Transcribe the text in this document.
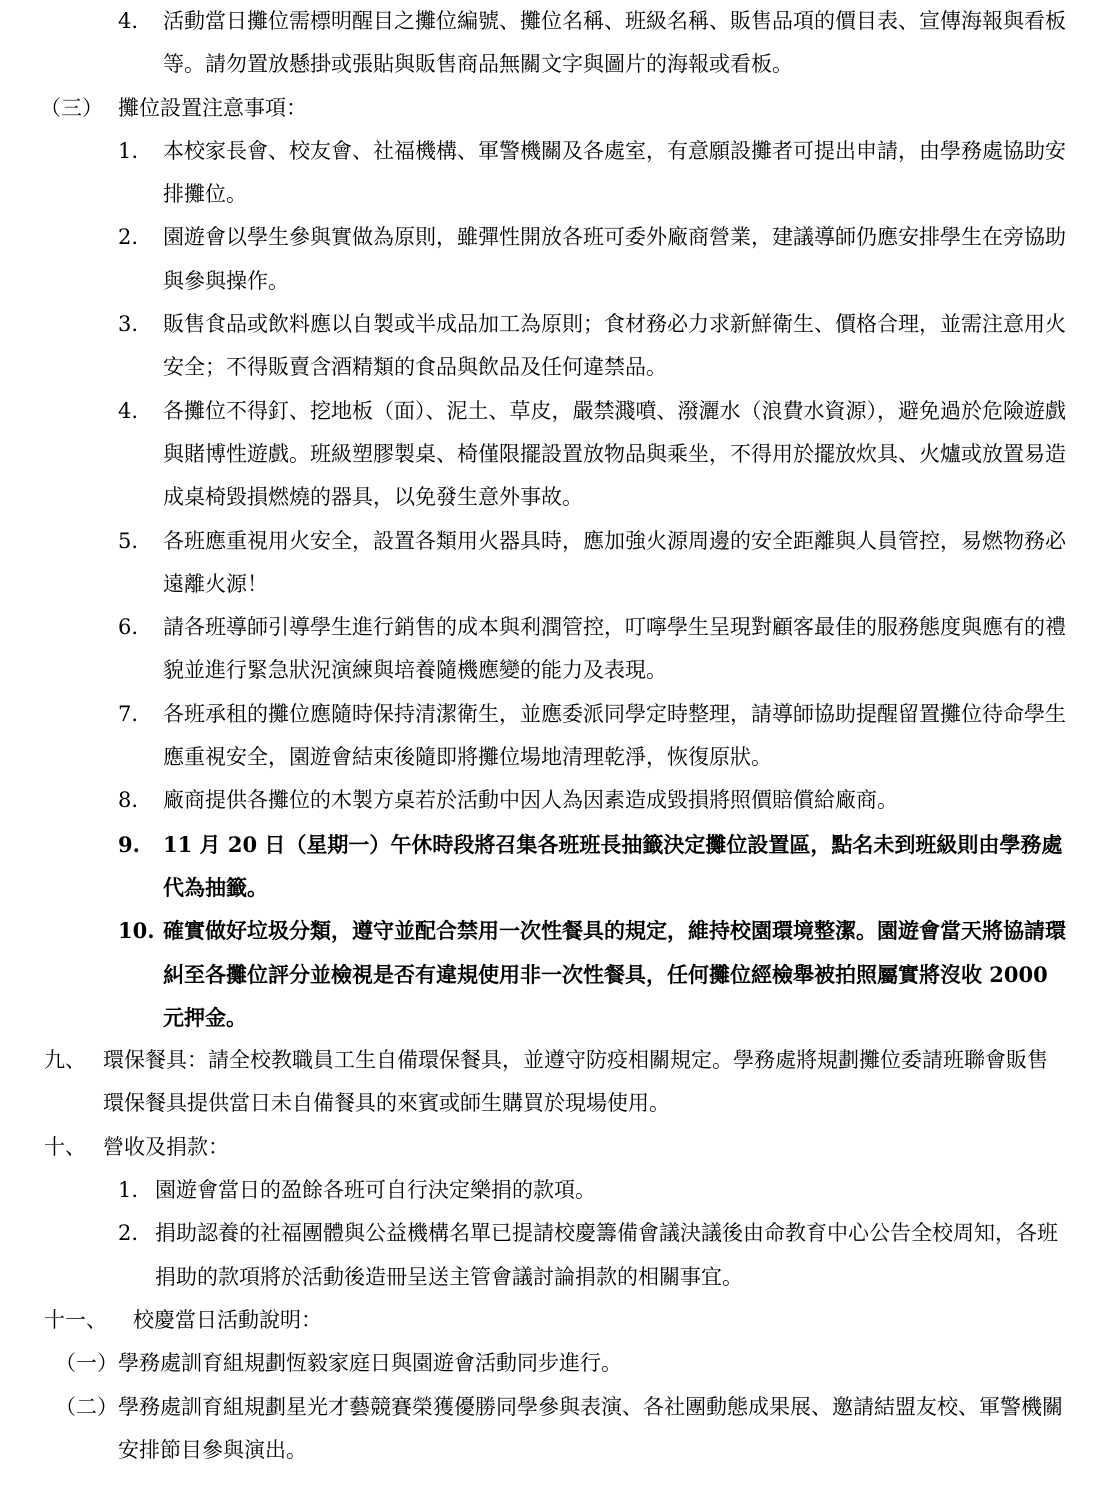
4. 活動當日攤位需標明醒目之攤位編號、攤位名稱、班級名稱、販售品項的價目表、宣傳海報與看板等。請勿置放懸掛或張貼與販售商品無關文字與圖片的海報或看板。
（三） 攤位設置注意事項：
1. 本校家長會、校友會、社福機構、軍警機關及各處室，有意願設攤者可提出申請，由學務處協助安排攤位。
2. 園遊會以學生參與實做為原則，雖彈性開放各班可委外廠商營業，建議導師仍應安排學生在旁協助與參與操作。
3. 販售食品或飲料應以自製或半成品加工為原則；食材務必力求新鮮衛生、價格合理，並需注意用火安全；不得販賣含酒精類的食品與飲品及任何違禁品。
4. 各攤位不得釘、挖地板（面）、泥土、草皮，嚴禁濺噴、潑灑水（浪費水資源），避免過於危險遊戲與賭博性遊戲。班級塑膠製桌、椅僅限擺設置放物品與乘坐，不得用於擺放炊具、火爐或放置易造成桌椅毀損燃燒的器具，以免發生意外事故。
5. 各班應重視用火安全，設置各類用火器具時，應加強火源周邊的安全距離與人員管控，易燃物務必遠離火源！
6. 請各班導師引導學生進行銷售的成本與利潤管控，叮嚀學生呈現對顧客最佳的服務態度與應有的禮貌並進行緊急狀況演練與培養隨機應變的能力及表現。
7. 各班承租的攤位應隨時保持清潔衛生，並應委派同學定時整理，請導師協助提醒留置攤位待命學生應重視安全，園遊會結束後隨即將攤位場地清理乾淨，恢復原狀。
8. 廠商提供各攤位的木製方桌若於活動中因人為因素造成毀損將照價賠償給廠商。
9. 11 月 20 日（星期一）午休時段將召集各班班長抽籤決定攤位設置區，點名未到班級則由學務處代為抽籤。
10. 確實做好垃圾分類，遵守並配合禁用一次性餐具的規定，維持校園環境整潔。園遊會當天將協請環糾至各攤位評分並檢視是否有違規使用非一次性餐具，任何攤位經檢舉被拍照屬實將沒收 2000 元押金。
九、 環保餐具：請全校教職員工生自備環保餐具，並遵守防疫相關規定。學務處將規劃攤位委請班聯會販售環保餐具提供當日未自備餐具的來賓或師生購買於現場使用。
十、 營收及捐款：
1. 園遊會當日的盈餘各班可自行決定樂捐的款項。
2. 捐助認養的社福團體與公益機構名單已提請校慶籌備會議決議後由命教育中心公告全校周知，各班捐助的款項將於活動後造冊呈送主管會議討論捐款的相關事宜。
十一、 校慶當日活動說明：
（一） 學務處訓育組規劃恆毅家庭日與園遊會活動同步進行。
（二） 學務處訓育組規劃星光才藝競賽榮獲優勝同學參與表演、各社團動態成果展、邀請結盟友校、軍警機關安排節目參與演出。
